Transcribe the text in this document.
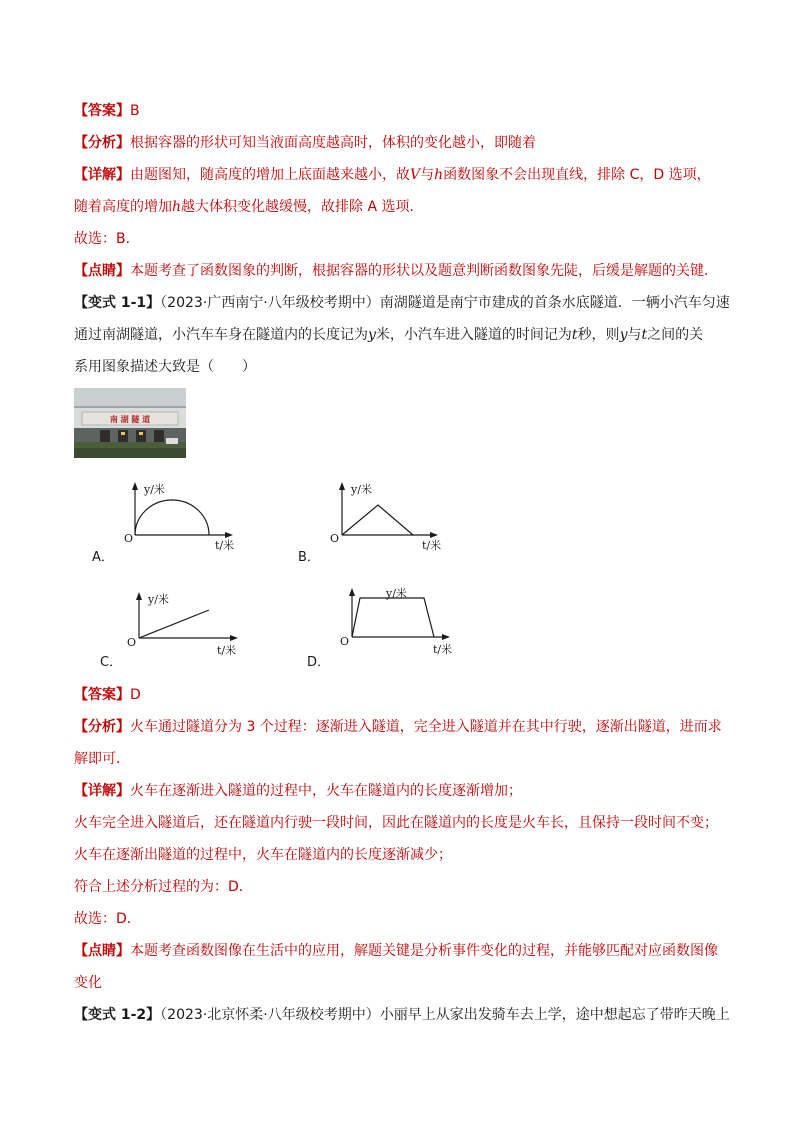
【答案】B
【分析】根据容器的形状可知当液面高度越高时，体积的变化越小，即随着
【详解】由题图知，随高度的增加上底面越来越小，故V与h函数图象不会出现直线，排除 C，D 选项，
随着高度的增加h越大体积变化越缓慢，故排除 A 选项．
故选：B．
【点睛】本题考查了函数图象的判断，根据容器的形状以及题意判断函数图象先陡，后缓是解题的关键．
【变式 1-1】（2023·广西南宁·八年级校考期中）南湖隧道是南宁市建成的首条水底隧道．一辆小汽车匀速
通过南湖隧道，小汽车车身在隧道内的长度记为y米，小汽车进入隧道的时间记为t秒，则y与t之间的关
系用图象描述大致是（　　）
南 湖 隧 道
O
y/米
t/米
A．
O
y/米
t/米
B．
O
y/米
t/米
C．
O
y/米
t/米
D．
【答案】D
【分析】火车通过隧道分为 3 个过程：逐渐进入隧道，完全进入隧道并在其中行驶，逐渐出隧道，进而求
解即可．
【详解】火车在逐渐进入隧道的过程中，火车在隧道内的长度逐渐增加；
火车完全进入隧道后，还在隧道内行驶一段时间，因此在隧道内的长度是火车长，且保持一段时间不变；
火车在逐渐出隧道的过程中，火车在隧道内的长度逐渐减少；
符合上述分析过程的为：D．
故选：D．
【点睛】本题考查函数图像在生活中的应用，解题关键是分析事件变化的过程，并能够匹配对应函数图像
变化
【变式 1-2】（2023·北京怀柔·八年级校考期中）小丽早上从家出发骑车去上学，途中想起忘了带昨天晚上
